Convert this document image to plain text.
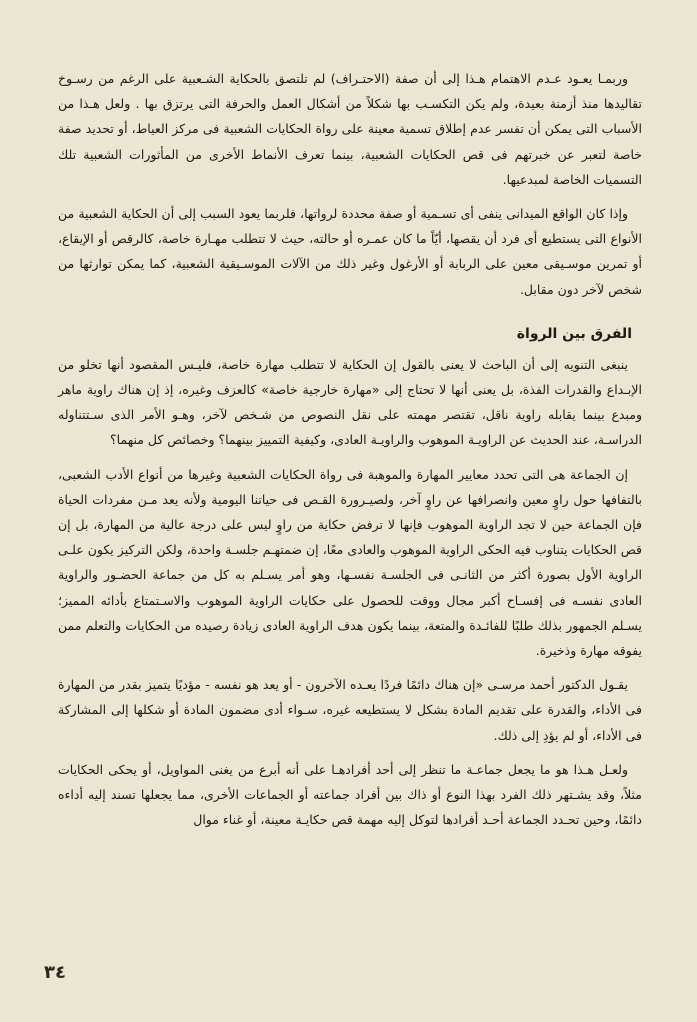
وربمـا يعـود عـدم الاهتمام هـذا إلى أن صفة (الاحتـراف) لم تلتصق بالحكاية الشـعبية على الرغم من رسـوخ تقاليدها منذ أزمنة بعيدة، ولم يكن التكسـب بها شكلاً من أشكال العمل والحرفة التى يرتزق بها . ولعل هـذا من الأسباب التى يمكن أن تفسر عدم إطلاق تسمية معينة على رواة الحكايات الشعبية فى مركز العياط، أو تحديد صفة خاصة لتعبر عن خبرتهم فى قص الحكايات الشعبية، بينما تعرف الأنماط الأخرى من المأثورات الشعبية تلك التسميات الخاصة لمبدعيها.

وإذا كان الواقع الميدانى ينفى أى تسـمية أو صفة محددة لرواتها، فلربما يعود السبب إلى أن الحكاية الشعبية من الأنواع التى يستطيع أى فرد أن يقصها، أيّاً ما كان عمـره أو حالته، حيث لا تتطلب مهـارة خاصة، كالرقص أو الإيقاع، أو تمرين موسـيقى معين على الربابة أو الأرغول وغير ذلك من الآلات الموسـيقية الشعبية، كما يمكن توارثها من شخص لآخر دون مقابل.

الفرق بين الرواة

ينبغى التنويه إلى أن الباحث لا يعنى بالقول إن الحكاية لا تتطلب مهارة خاصة، فليـس المقصود أنها تخلو من الإبـداع والقدرات الفذة، بل يعنى أنها لا تحتاج إلى «مهارة خارجية خاصة» كالعزف وغيره، إذ إن هناك راوية ماهر ومبدع بينما يقابله راوية ناقل، تقتصر مهمته على نقل النصوص من شـخص لآخر، وهـو الأمر الذى سـتتناوله الدراسـة، عند الحديث عن الراويـة الموهوب والراويـة العادى، وكيفية التمييز بينهما؟ وخصائص كل منهما؟

إن الجماعة هى التى تحدد معايير المهارة والموهبة فى رواة الحكايات الشعبية وغيرها من أنواع الأدب الشعبى، بالتفافها حول راوٍ معين وانصرافها عن راوٍ آخر، ولصيـرورة القـص فى حياتنا اليومية ولأنه يعد مـن مفردات الحياة فإن الجماعة حين لا تجد الراوية الموهوب فإنها لا ترفض حكاية من راوٍ ليس على درجة عالية من المهارة، بل إن قص الحكايات يتناوب فيه الحكى الراوية الموهوب والعادى معًا، إن ضمتهـم جلسـة واحدة، ولكن التركيز يكون علـى الراوية الأول بصورة أكثر من الثانـى فى الجلسـة نفسـها، وهو أمر يسـلم به كل من جماعة الحضـور والراوية العادى نفسـه فى إفسـاح أكبر مجال ووقت للحصول على حكايات الراوية الموهوب والاسـتمتاع بأدائه المميز؛ يسـلم الجمهور بذلك طلبًا للفائـدة والمتعة، بينما يكون هدف الراوية العادى زيادة رصيده من الحكايات والتعلم ممن يفوقه مهارة وذخيرة.

يقـول الدكتور أحمد مرسـى «إن هناك دائمًا فردًا يعـده الآخرون - أو يعد هو نفسه - مؤديًا يتميز بقدر من المهارة فى الأداء، والقدرة على تقديم المادة بشكل لا يستطيعه غيره، سـواء أدى مضمون المادة أو شكلها إلى المشاركة فى الأداء، أو لم يؤدِ إلى ذلك.

ولعـل هـذا هو ما يجعل جماعـة ما تنظر إلى أحد أفرادهـا على أنه أبرع من يغنى المواويل، أو يحكى الحكايات مثلاً، وقد يشـتهر ذلك الفرد بهذا النوع أو ذاك بين أفراد جماعته أو الجماعات الأخرى، مما يجعلها تسند إليه أداءه دائمًا، وحين تحـدد الجماعة أحـد أفرادها لتوكل إليه مهمة قص حكايـة معينة، أو غناء موال

٣٤
